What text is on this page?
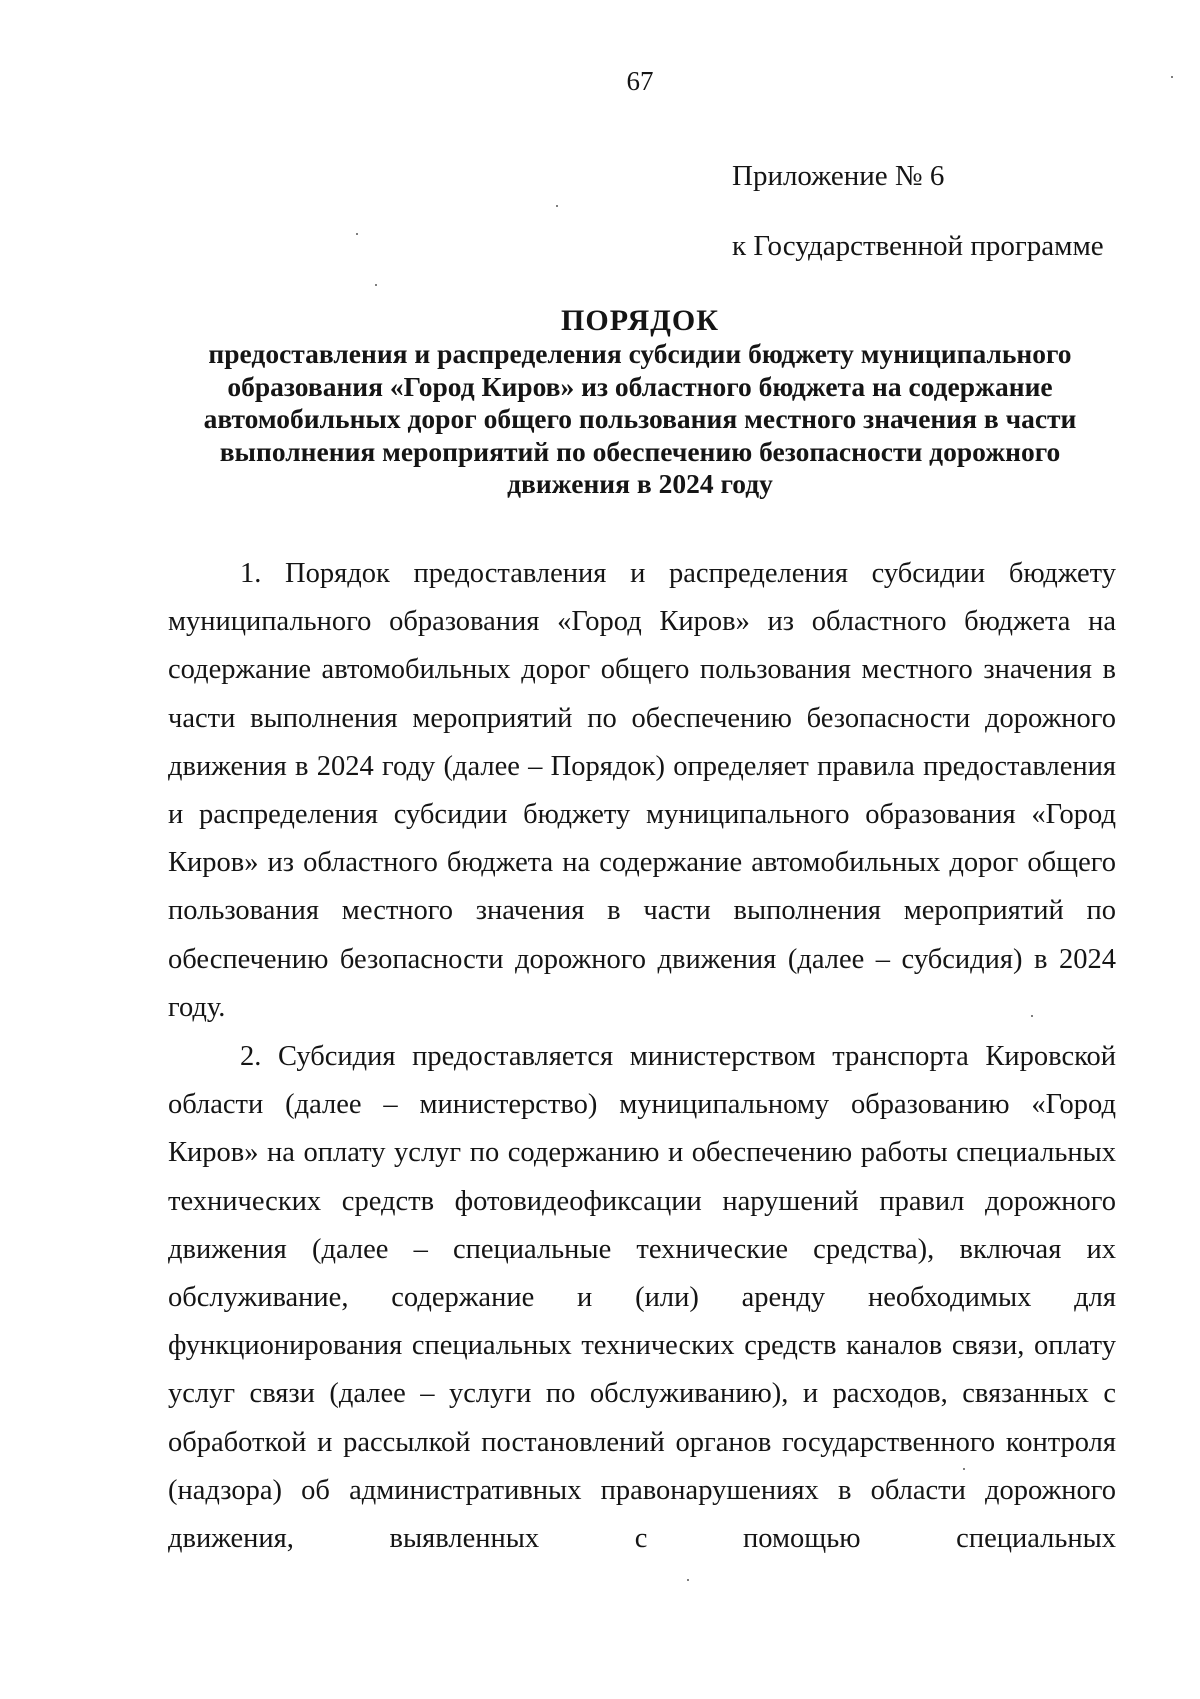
67
Приложение № 6
к Государственной программе
ПОРЯДОК
предоставления и распределения субсидии бюджету муниципального
образования «Город Киров» из областного бюджета на содержание
автомобильных дорог общего пользования местного значения в части
выполнения мероприятий по обеспечению безопасности дорожного
движения в 2024 году

1. Порядок предоставления и распределения субсидии бюджету муниципального образования «Город Киров» из областного бюджета на содержание автомобильных дорог общего пользования местного значения в части выполнения мероприятий по обеспечению безопасности дорожного движения в 2024 году (далее – Порядок) определяет правила предоставления и распределения субсидии бюджету муниципального образования «Город Киров» из областного бюджета на содержание автомобильных дорог общего пользования местного значения в части выполнения мероприятий по обеспечению безопасности дорожного движения (далее – субсидия) в 2024 году.

2. Субсидия предоставляется министерством транспорта Кировской области (далее – министерство) муниципальному образованию «Город Киров» на оплату услуг по содержанию и обеспечению работы специальных технических средств фотовидеофиксации нарушений правил дорожного движения (далее – специальные технические средства), включая их обслуживание, содержание и (или) аренду необходимых для функционирования специальных технических средств каналов связи, оплату услуг связи (далее – услуги по обслуживанию), и расходов, связанных с обработкой и рассылкой постановлений органов государственного контроля (надзора) об административных правонарушениях в области дорожного движения, выявленных с помощью специальных
